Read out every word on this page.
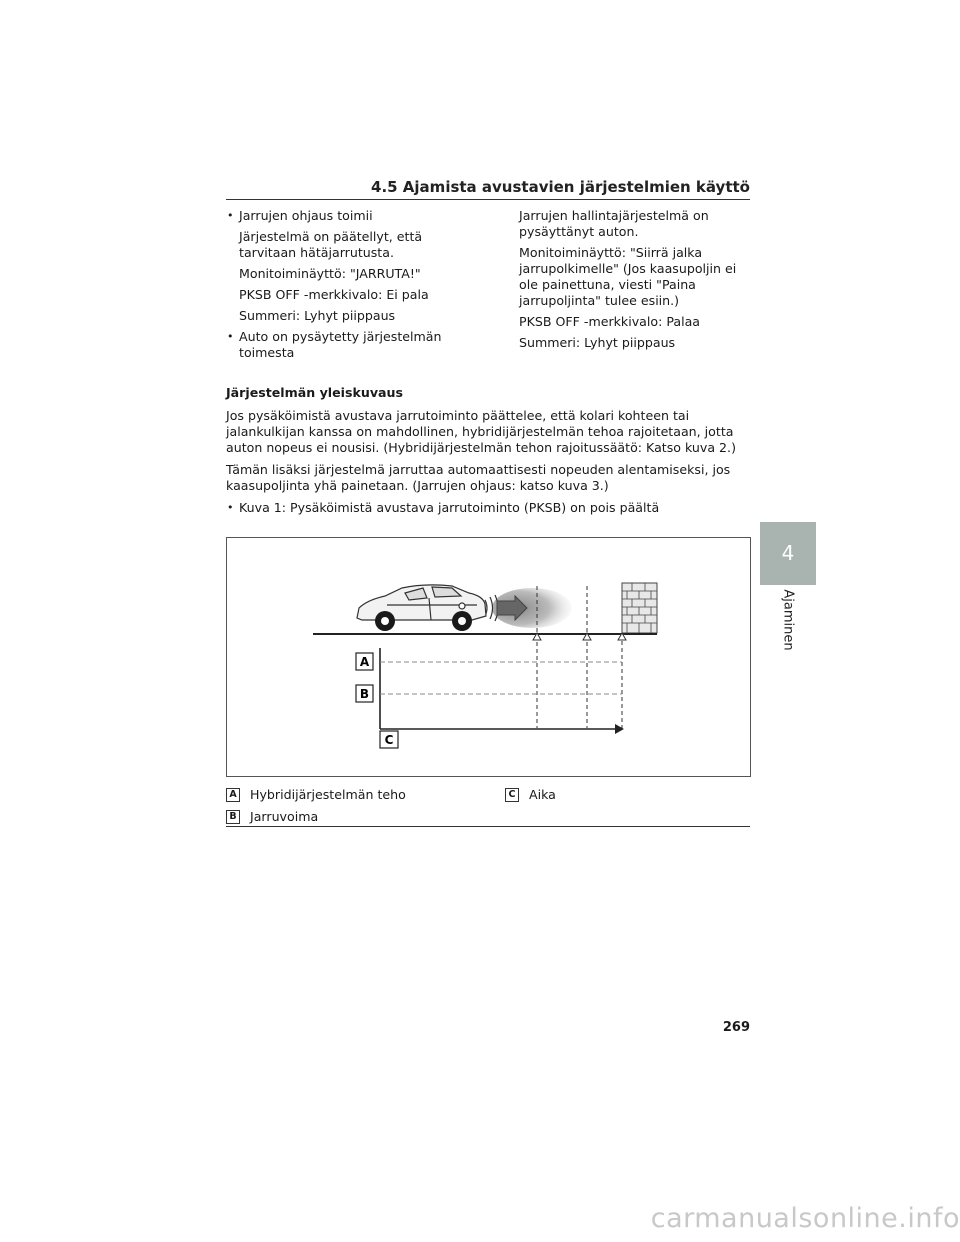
4.5 Ajamista avustavien järjestelmien käyttö

• Jarrujen ohjaus toimii

Järjestelmä on päätellyt, että tarvitaan hätäjarrutusta.

Monitoiminäyttö: "JARRUTA!"

PKSB OFF -merkkivalo: Ei pala

Summeri: Lyhyt piippaus

• Auto on pysäytetty järjestelmän toimesta

Jarrujen hallintajärjestelmä on pysäyttänyt auton.

Monitoiminäyttö: "Siirrä jalka jarrupolkimelle" (Jos kaasupoljin ei ole painettuna, viesti "Paina jarrupoljinta" tulee esiin.)

PKSB OFF -merkkivalo: Palaa

Summeri: Lyhyt piippaus

Järjestelmän yleiskuvaus

Jos pysäköimistä avustava jarrutoiminto päättelee, että kolari kohteen tai jalankulkijan kanssa on mahdollinen, hybridijärjestelmän tehoa rajoitetaan, jotta auton nopeus ei nousisi. (Hybridijärjestelmän tehon rajoitussäätö: Katso kuva 2.)

Tämän lisäksi järjestelmä jarruttaa automaattisesti nopeuden alentamiseksi, jos kaasupoljinta yhä painetaan. (Jarrujen ohjaus: katso kuva 3.)

• Kuva 1: Pysäköimistä avustava jarrutoiminto (PKSB) on pois päältä

A
B
C
A Hybridijärjestelmän teho
B Jarruvoima
C Aika
4
Ajaminen
269
carmanualsonline.info
